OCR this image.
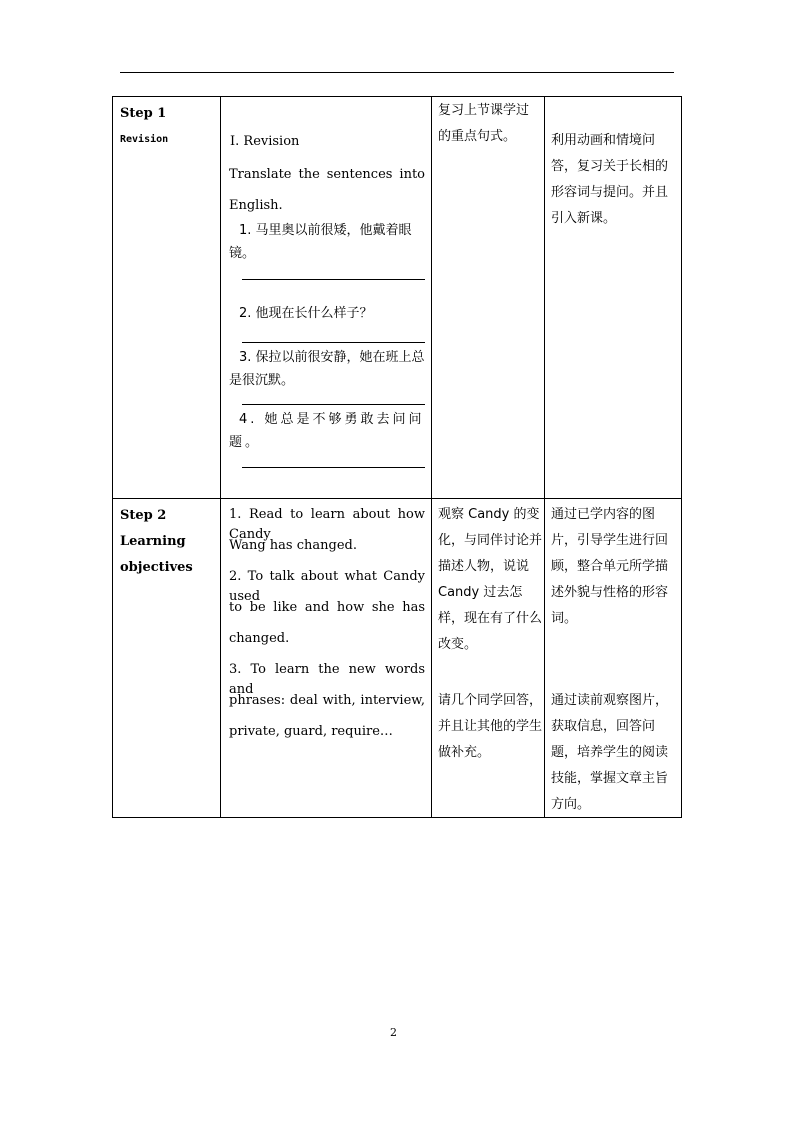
Step 1
Revision	Ⅰ. Revision
Translate the sentences into
English.
1. 马里奥以前很矮，他戴着眼镜。
2. 他现在长什么样子？
3. 保拉以前很安静，她在班上总是很沉默。
4. 她总是不够勇敢去问问题。
复习上节课学过的重点句式。	利用动画和情境问答，复习关于长相的形容词与提问。并且引入新课。
Step 2
Learning
objectives
1. Read to learn about how Candy
Wang has changed.
2. To talk about what Candy used
to be like and how she has
changed.
3. To learn the new words and
phrases: deal with, interview,
private, guard, require…
观察 Candy 的变化，与同伴讨论并描述人物，说说 Candy 过去怎样，现在有了什么改变。
请几个同学回答，并且让其他的学生做补充。
通过已学内容的图片，引导学生进行回顾，整合单元所学描述外貌与性格的形容词。
通过读前观察图片，获取信息，回答问题，培养学生的阅读技能，掌握文章主旨方向。
2
